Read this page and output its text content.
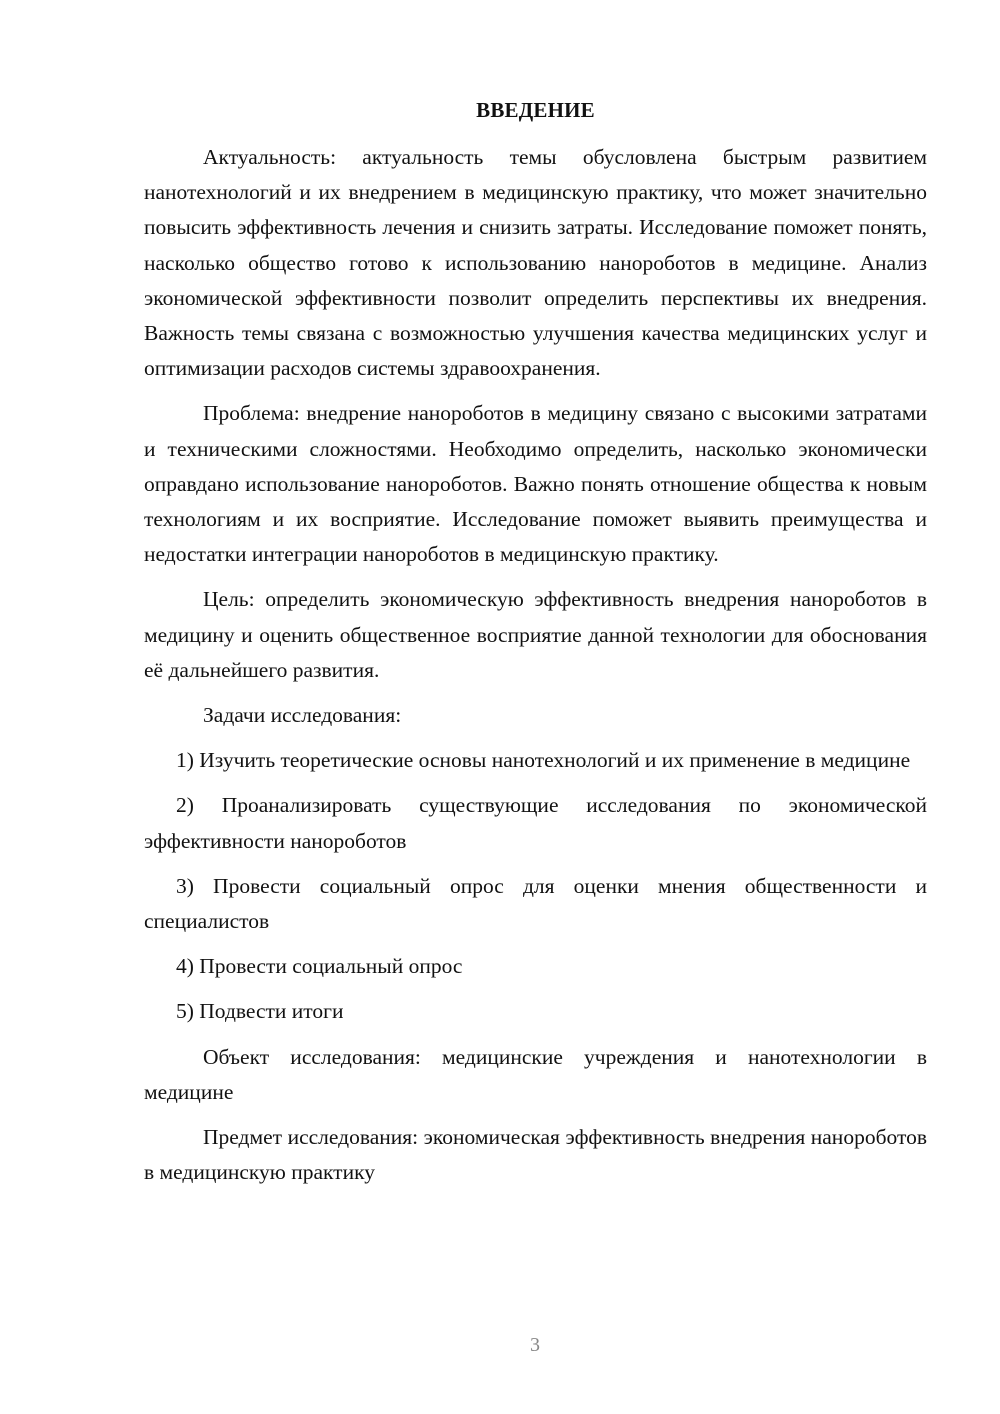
ВВЕДЕНИЕ

Актуальность: актуальность темы обусловлена быстрым развитием нанотехнологий и их внедрением в медицинскую практику, что может значительно повысить эффективность лечения и снизить затраты. Исследование поможет понять, насколько общество готово к использованию нанороботов в медицине. Анализ экономической эффективности позволит определить перспективы их внедрения. Важность темы связана с возможностью улучшения качества медицинских услуг и оптимизации расходов системы здравоохранения.

Проблема: внедрение нанороботов в медицину связано с высокими затратами и техническими сложностями. Необходимо определить, насколько экономически оправдано использование нанороботов. Важно понять отношение общества к новым технологиям и их восприятие. Исследование поможет выявить преимущества и недостатки интеграции нанороботов в медицинскую практику.

Цель: определить экономическую эффективность внедрения нанороботов в медицину и оценить общественное восприятие данной технологии для обоснования её дальнейшего развития.

Задачи исследования:

1) Изучить теоретические основы нанотехнологий и их применение в медицине

2) Проанализировать существующие исследования по экономической эффективности нанороботов

3) Провести социальный опрос для оценки мнения общественности и специалистов

4) Провести социальный опрос

5) Подвести итоги

Объект исследования: медицинские учреждения и нанотехнологии в медицине

Предмет исследования: экономическая эффективность внедрения нанороботов в медицинскую практику

3
